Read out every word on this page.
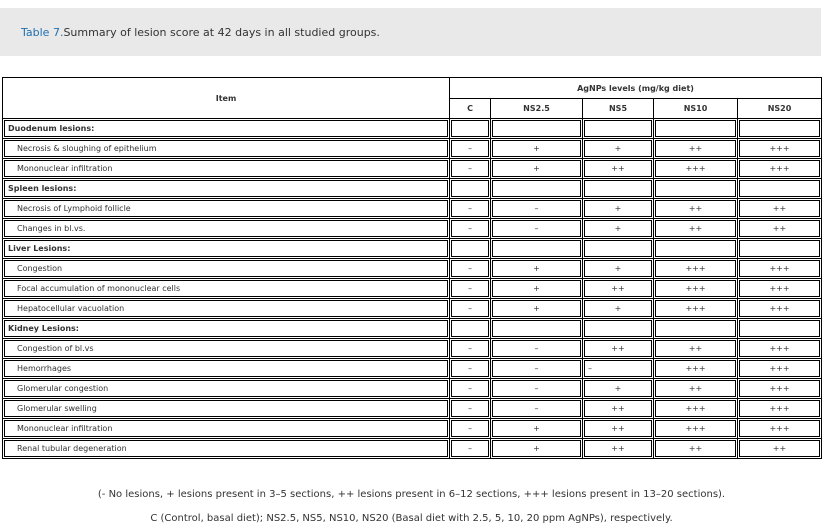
Table 7. Summary of lesion score at 42 days in all studied groups.
Item	AgNPs levels (mg/kg diet)				
	C	NS2.5	NS5	NS10	NS20

Duodenum lesions:					

Necrosis & sloughing of epithelium	–	+	+	++	+++

Mononuclear infiltration	–	+	++	+++	+++

Spleen lesions:					

Necrosis of Lymphoid follicle	–	–	+	++	++

Changes in bl.vs.	–	–	+	++	++

Liver Lesions:					

Congestion	–	+	+	+++	+++

Focal accumulation of mononuclear cells	–	+	++	+++	+++

Hepatocellular vacuolation	–	+	+	+++	+++

Kidney Lesions:					

Congestion of bl.vs	–	–	++	++	+++

Hemorrhages	–	–	–	+++	+++

Glomerular congestion	–	–	+	++	+++

Glomerular swelling	–	–	++	+++	+++

Mononuclear infiltration	–	+	++	+++	+++

Renal tubular degeneration	–	+	++	++	++
(- No lesions, + lesions present in 3–5 sections, ++ lesions present in 6–12 sections, +++ lesions present in 13–20 sections).
C (Control, basal diet); NS2.5, NS5, NS10, NS20 (Basal diet with 2.5, 5, 10, 20 ppm AgNPs), respectively.
